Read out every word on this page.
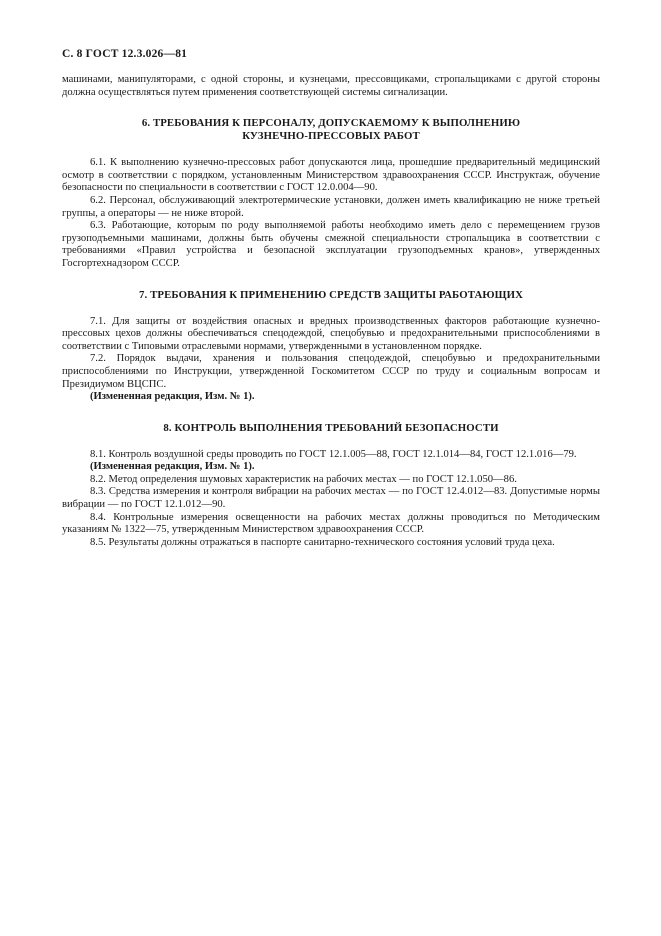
С. 8 ГОСТ 12.3.026—81

машинами, манипуляторами, с одной стороны, и кузнецами, прессовщиками, стропальщиками с другой стороны должна осуществляться путем применения соответствующей системы сигнализации.

6. ТРЕБОВАНИЯ К ПЕРСОНАЛУ, ДОПУСКАЕМОМУ К ВЫПОЛНЕНИЮ
КУЗНЕЧНО-ПРЕССОВЫХ РАБОТ

6.1. К выполнению кузнечно-прессовых работ допускаются лица, прошедшие предварительный медицинский осмотр в соответствии с порядком, установленным Министерством здравоохранения СССР. Инструктаж, обучение безопасности по специальности в соответствии с ГОСТ 12.0.004—90.

6.2. Персонал, обслуживающий электротермические установки, должен иметь квалификацию не ниже третьей группы, а операторы — не ниже второй.

6.3. Работающие, которым по роду выполняемой работы необходимо иметь дело с перемещением грузов грузоподъемными машинами, должны быть обучены смежной специальности стропальщика в соответствии с требованиями «Правил устройства и безопасной эксплуатации грузоподъемных кранов», утвержденных Госгортехнадзором СССР.

7. ТРЕБОВАНИЯ К ПРИМЕНЕНИЮ СРЕДСТВ ЗАЩИТЫ РАБОТАЮЩИХ

7.1. Для защиты от воздействия опасных и вредных производственных факторов работающие кузнечно-прессовых цехов должны обеспечиваться спецодеждой, спецобувью и предохранительными приспособлениями в соответствии с Типовыми отраслевыми нормами, утвержденными в установленном порядке.

7.2. Порядок выдачи, хранения и пользования спецодеждой, спецобувью и предохранительными приспособлениями по Инструкции, утвержденной Госкомитетом СССР по труду и социальным вопросам и Президиумом ВЦСПС.

(Измененная редакция, Изм. № 1).

8. КОНТРОЛЬ ВЫПОЛНЕНИЯ ТРЕБОВАНИЙ БЕЗОПАСНОСТИ

8.1. Контроль воздушной среды проводить по ГОСТ 12.1.005—88, ГОСТ 12.1.014—84, ГОСТ 12.1.016—79.

(Измененная редакция, Изм. № 1).

8.2. Метод определения шумовых характеристик на рабочих местах — по ГОСТ 12.1.050—86.

8.3. Средства измерения и контроля вибрации на рабочих местах — по ГОСТ 12.4.012—83. Допустимые нормы вибрации — по ГОСТ 12.1.012—90.

8.4. Контрольные измерения освещенности на рабочих местах должны проводиться по Методическим указаниям № 1322—75, утвержденным Министерством здравоохранения СССР.

8.5. Результаты должны отражаться в паспорте санитарно-технического состояния условий труда цеха.
